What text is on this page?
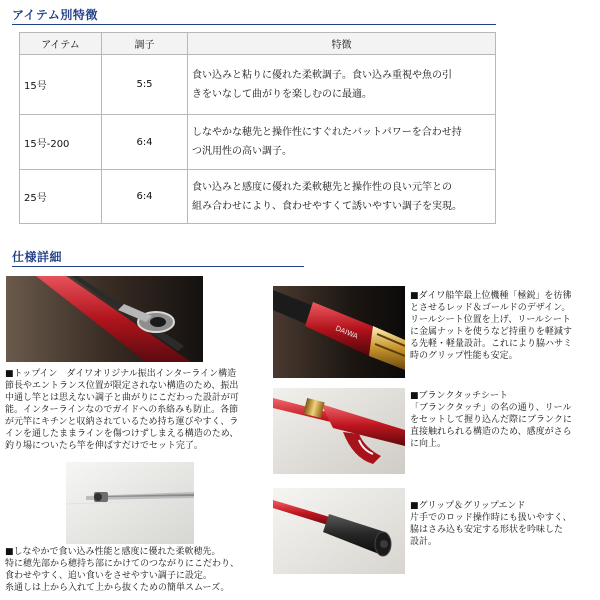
アイテム別特徴
アイテム	調子	特徴
15号	5:5	食い込みと粘りに優れた柔軟調子。食い込み重視や魚の引
きをいなして曲がりを楽しむのに最適。

15号-200	6:4	しなやかな穂先と操作性にすぐれたバットパワーを合わせ持
つ汎用性の高い調子。

25号	6:4	食い込みと感度に優れた柔軟穂先と操作性の良い元竿との
組み合わせにより、食わせやすくて誘いやすい調子を実現。
仕様詳細
■トップイン　ダイワオリジナル振出インターライン構造
節長やエントランス位置が限定されない構造のため、振出
中通し竿とは思えない調子と曲がりにこだわった設計が可
能。インターラインなのでガイドへの糸絡みも防止。各節
が元竿にキチンと収納されているため持ち運びやすく、ラ
インを通したままラインを傷つけずしまえる構造のため、
釣り場についたら竿を伸ばすだけでセット完了。
■しなやかで食い込み性能と感度に優れた柔軟穂先。
特に穂先部から穂持ち部にかけてのつながりにこだわり、
食わせやすく、追い食いをさせやすい調子に設定。
糸通しは上から入れて上から抜くための簡単スムーズ。
DAIWA
■ダイワ船竿最上位機種「極鋭」を彷彿
とさせるレッド＆ゴールドのデザイン。
リールシート位置を上げ、リールシート
に金属ナットを使うなど持重りを軽減す
る先軽・軽量設計。これにより脇ハサミ
時のグリップ性能も安定。
■ブランクタッチシート
「ブランクタッチ」の名の通り、リール
をセットして握り込んだ際にブランクに
直接触れられる構造のため、感度がさら
に向上。
■グリップ＆グリップエンド
片手でのロッド操作時にも扱いやすく、
脇はさみ込も安定する形状を吟味した
設計。
